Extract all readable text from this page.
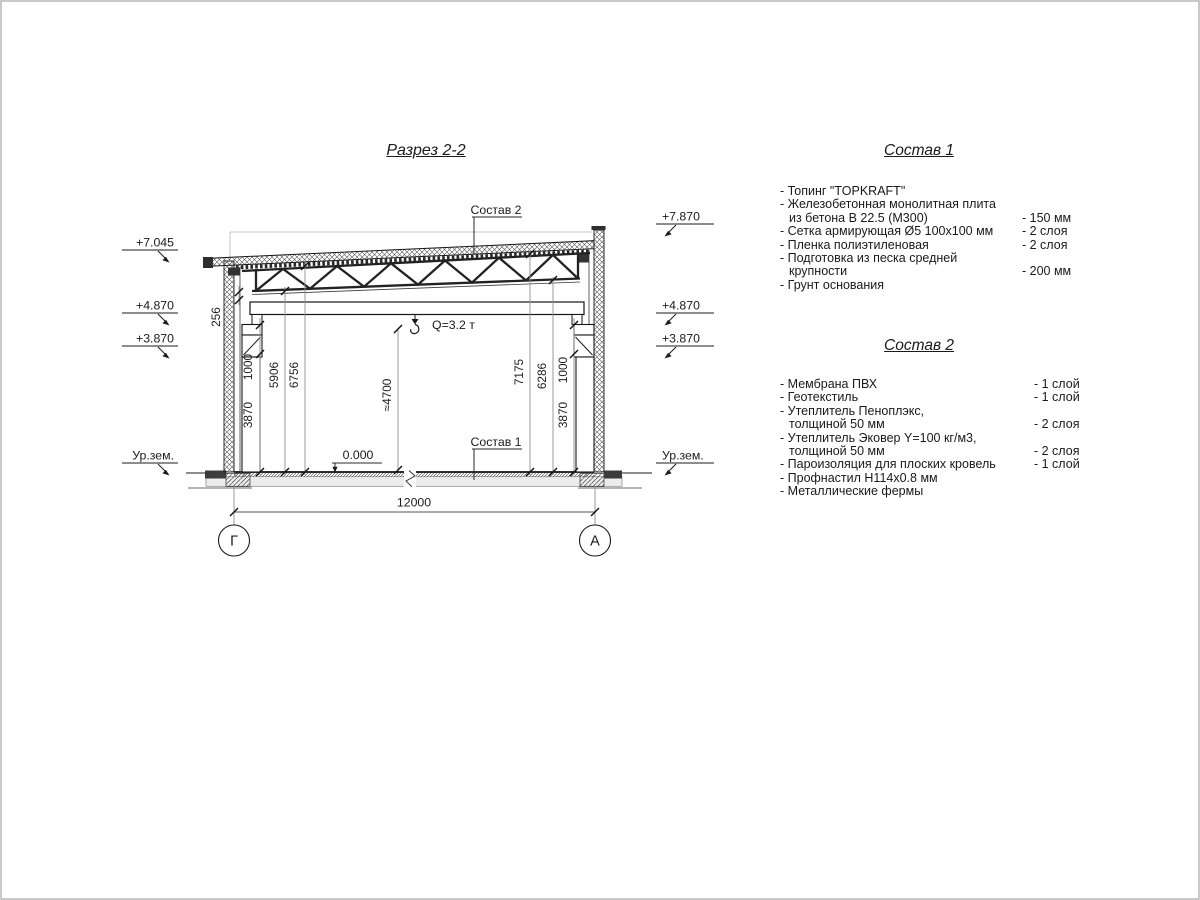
Q=3.2 т
1000
3870
5906 6756
≈4700
7175 6286 1000
3870
256
Состав 2
Состав 1
0.000
+7.045
+4.870
+3.870
Ур.зем.
+7.870
+4.870
+3.870
Ур.зем.
12000
Г	А
Разрез 2-2	Состав 1
- Топинг "TOPKRAFT"
- Железобетонная монолитная плита
из бетона В 22.5 (М300)	- 150 мм
- Сетка армирующая Ø5 100х100 мм - 2 слоя
- Пленка полиэтиленовая	- 2 слоя
- Подготовка из песка средней
крупности	- 200 мм
- Грунт основания
Состав 2
- Мембрана ПВХ	- 1 слой
- Геотекстиль	- 1 слой
- Утеплитель Пеноплэкс,
толщиной 50 мм	- 2 слоя
- Утеплитель Эковер Y=100 кг/м3,
толщиной 50 мм	- 2 слоя
- Пароизоляция для плоских кровель	- 1 слой
- Профнастил Н114х0.8 мм
- Металлические фермы
